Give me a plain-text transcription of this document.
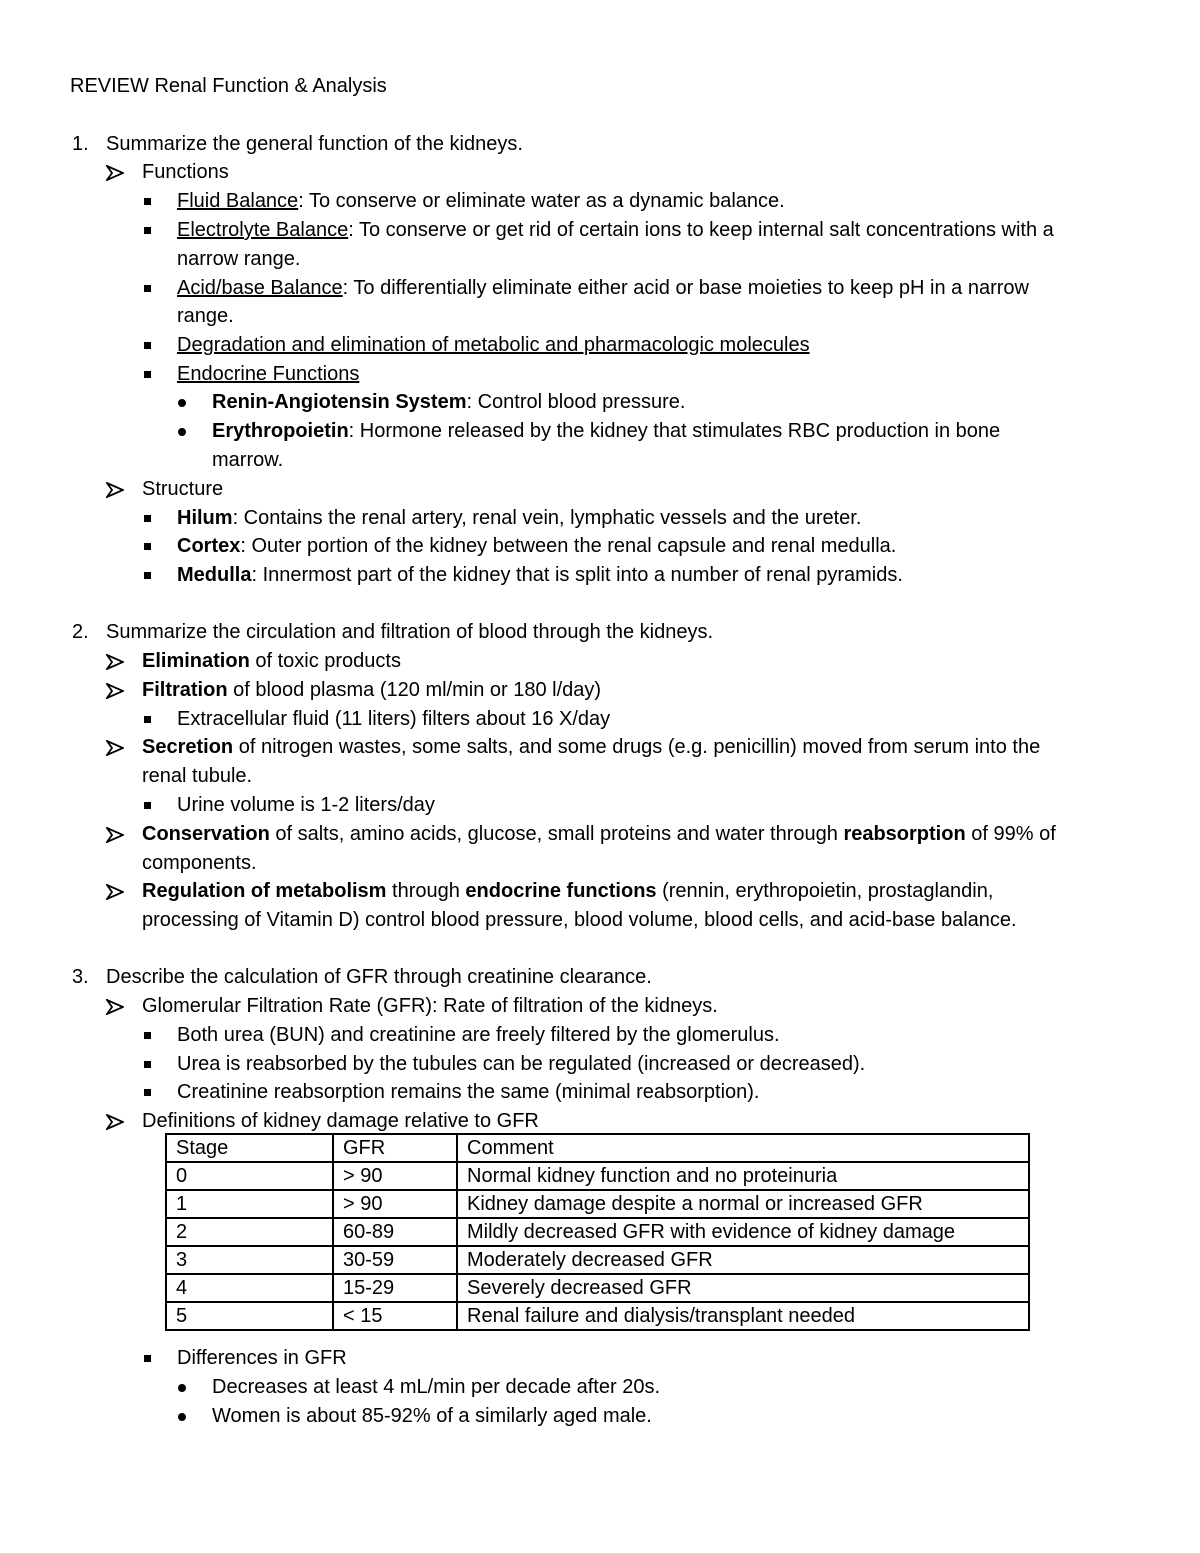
REVIEW Renal Function & Analysis
1. Summarize the general function of the kidneys.
Functions
Fluid Balance: To conserve or eliminate water as a dynamic balance.
Electrolyte Balance: To conserve or get rid of certain ions to keep internal salt concentrations with a
narrow range.
Acid/base Balance: To differentially eliminate either acid or base moieties to keep pH in a narrow
range.
Degradation and elimination of metabolic and pharmacologic molecules
Endocrine Functions
Renin-Angiotensin System: Control blood pressure.
Erythropoietin: Hormone released by the kidney that stimulates RBC production in bone
marrow.
Structure
Hilum: Contains the renal artery, renal vein, lymphatic vessels and the ureter.
Cortex: Outer portion of the kidney between the renal capsule and renal medulla.
Medulla: Innermost part of the kidney that is split into a number of renal pyramids.
2. Summarize the circulation and filtration of blood through the kidneys.
Elimination of toxic products
Filtration of blood plasma (120 ml/min or 180 l/day)
Extracellular fluid (11 liters) filters about 16 X/day
Secretion of nitrogen wastes, some salts, and some drugs (e.g. penicillin) moved from serum into the
renal tubule.
Urine volume is 1-2 liters/day
Conservation of salts, amino acids, glucose, small proteins and water through reabsorption of 99% of
components.
Regulation of metabolism through endocrine functions (rennin, erythropoietin, prostaglandin,
processing of Vitamin D) control blood pressure, blood volume, blood cells, and acid-base balance.
3. Describe the calculation of GFR through creatinine clearance.
Glomerular Filtration Rate (GFR): Rate of filtration of the kidneys.
Both urea (BUN) and creatinine are freely filtered by the glomerulus.
Urea is reabsorbed by the tubules can be regulated (increased or decreased).
Creatinine reabsorption remains the same (minimal reabsorption).
Definitions of kidney damage relative to GFR
Stage	GFR	Comment
0	> 90	Normal kidney function and no proteinuria
1	> 90	Kidney damage despite a normal or increased GFR
2	60-89	Mildly decreased GFR with evidence of kidney damage
3	30-59	Moderately decreased GFR
4	15-29	Severely decreased GFR
5	< 15	Renal failure and dialysis/transplant needed
Differences in GFR
Decreases at least 4 mL/min per decade after 20s.
Women is about 85-92% of a similarly aged male.
